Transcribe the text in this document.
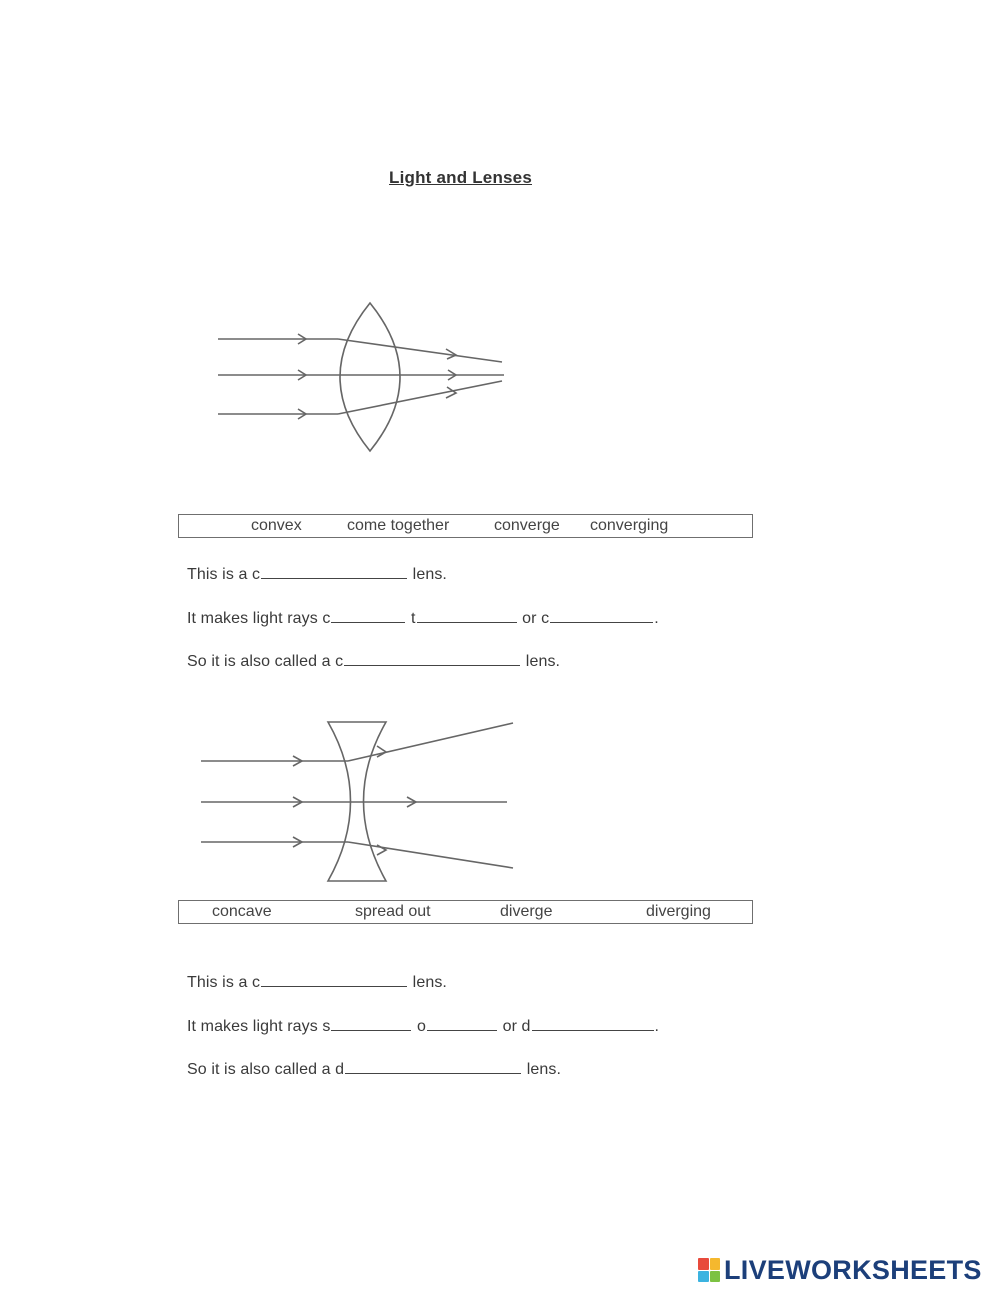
Light and Lenses
convex	come together	converge converging
This is a c	lens.
It makes light rays c	t	or c	.
So it is also called a c	lens.
concave	spread out	diverge	diverging
This is a c	lens.
It makes light rays s	o	or d	.
So it is also called a d	lens.
LIVEWORKSHEETS
